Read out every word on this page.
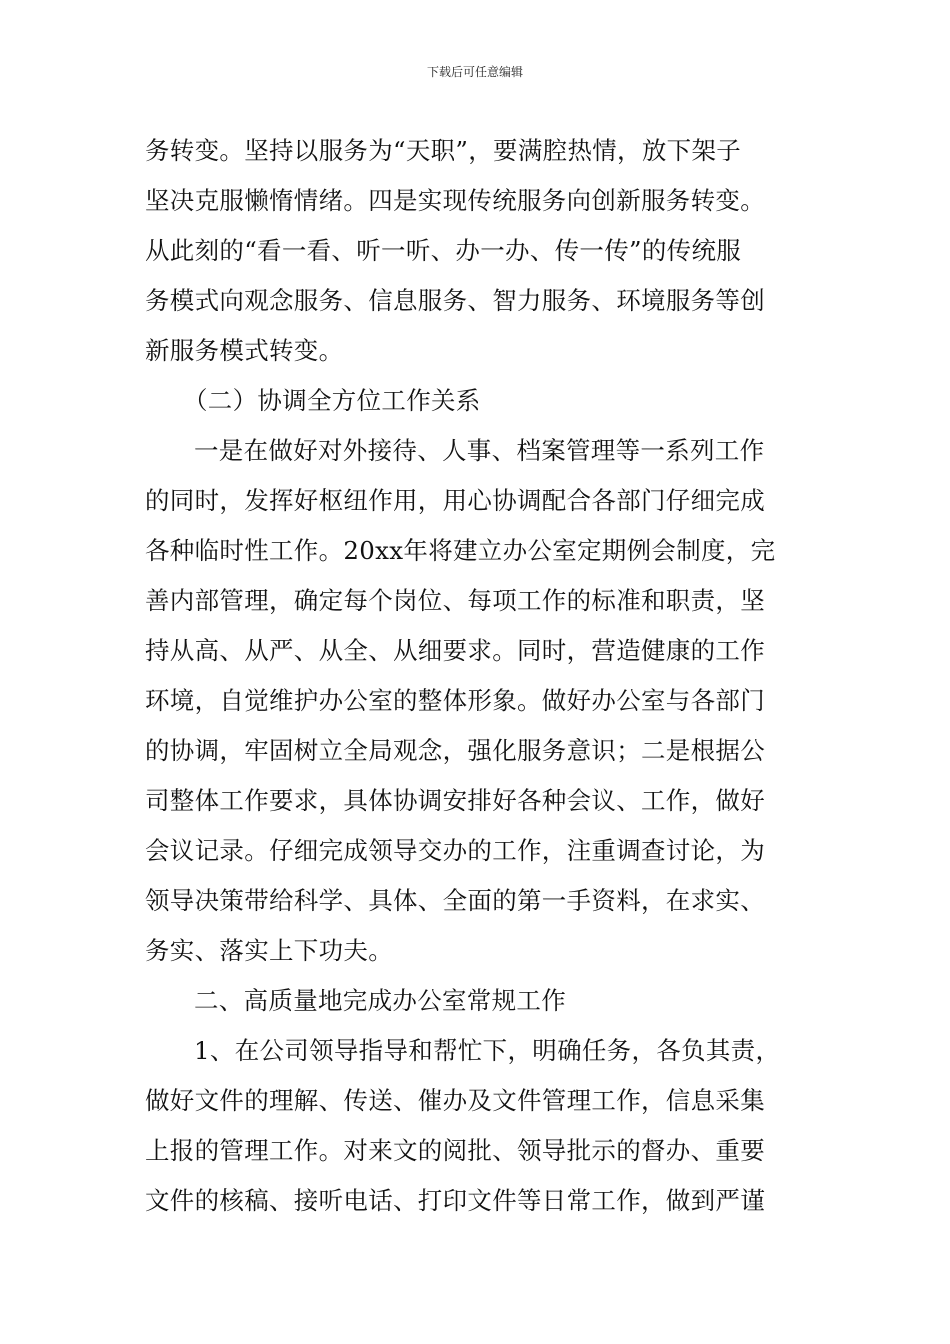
下载后可任意编辑
务转变。坚持以服务为“天职”，要满腔热情，放下架子
坚决克服懒惰情绪。四是实现传统服务向创新服务转变。
从此刻的“看一看、听一听、办一办、传一传”的传统服
务模式向观念服务、信息服务、智力服务、环境服务等创
新服务模式转变。
（二）协调全方位工作关系
一是在做好对外接待、人事、档案管理等一系列工作
的同时，发挥好枢纽作用，用心协调配合各部门仔细完成
各种临时性工作。20xx年将建立办公室定期例会制度，完
善内部管理，确定每个岗位、每项工作的标准和职责，坚
持从高、从严、从全、从细要求。同时，营造健康的工作
环境，自觉维护办公室的整体形象。做好办公室与各部门
的协调，牢固树立全局观念，强化服务意识；二是根据公
司整体工作要求，具体协调安排好各种会议、工作，做好
会议记录。仔细完成领导交办的工作，注重调查讨论，为
领导决策带给科学、具体、全面的第一手资料，在求实、
务实、落实上下功夫。
二、高质量地完成办公室常规工作
1、在公司领导指导和帮忙下，明确任务，各负其责，
做好文件的理解、传送、催办及文件管理工作，信息采集
上报的管理工作。对来文的阅批、领导批示的督办、重要
文件的核稿、接听电话、打印文件等日常工作，做到严谨
